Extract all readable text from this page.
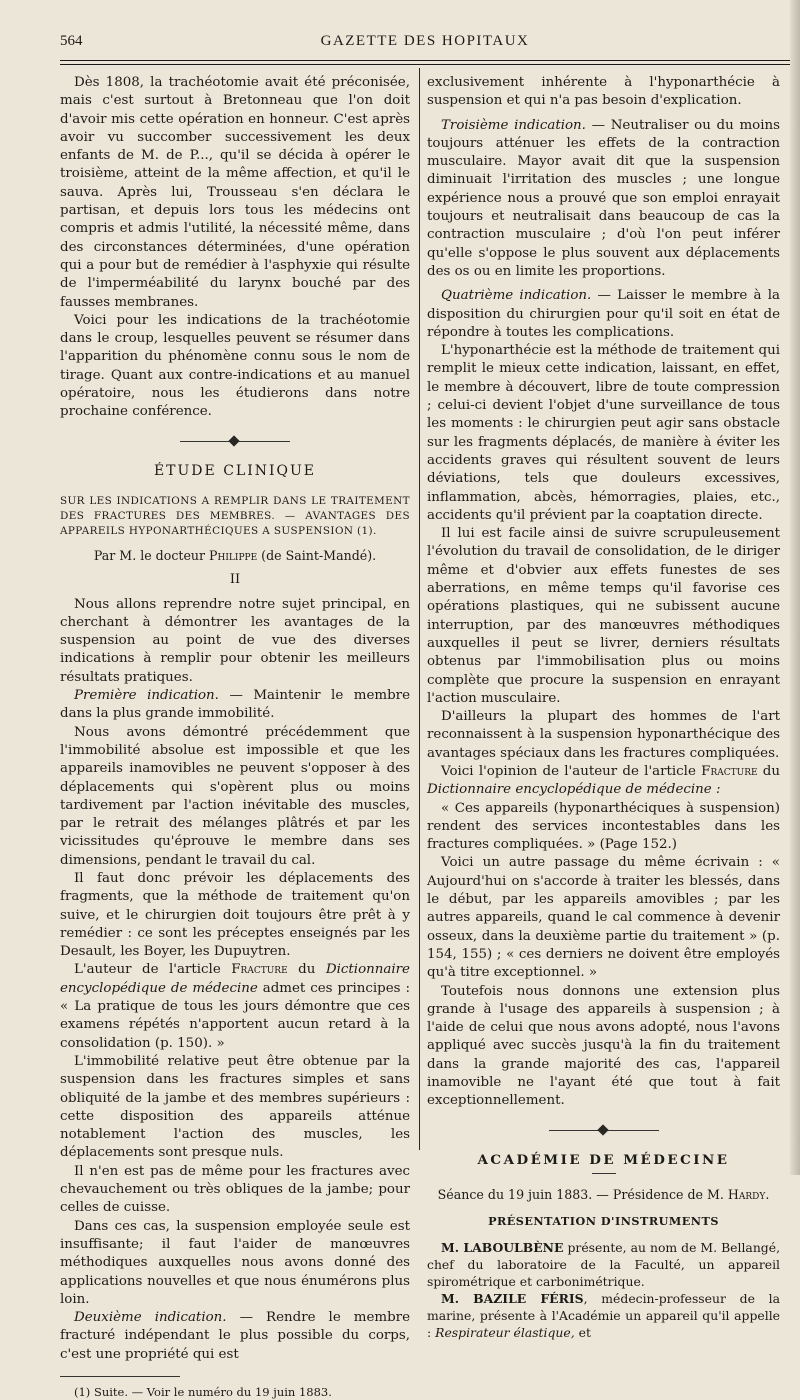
564	GAZETTE DES HOPITAUX

Dès 1808, la trachéotomie avait été préconisée, mais c'est surtout à Bretonneau que l'on doit d'avoir mis cette opération en honneur. C'est après avoir vu succomber successivement les deux enfants de M. de P..., qu'il se décida à opérer le troisième, atteint de la même affection, et qu'il le sauva. Après lui, Trousseau s'en déclara le partisan, et depuis lors tous les médecins ont compris et admis l'utilité, la nécessité même, dans des circonstances déterminées, d'une opération qui a pour but de remédier à l'asphyxie qui résulte de l'imperméabilité du larynx bouché par des fausses membranes.

Voici pour les indications de la trachéotomie dans le croup, lesquelles peuvent se résumer dans l'apparition du phénomène connu sous le nom de tirage. Quant aux contre-indications et au manuel opératoire, nous les étudierons dans notre prochaine conférence.

ÉTUDE CLINIQUE
SUR LES INDICATIONS A REMPLIR DANS LE TRAITEMENT DES FRACTURES DES MEMBRES. — AVANTAGES DES APPAREILS HYPONARTHÉCIQUES A SUSPENSION (1).
Par M. le docteur Philippe (de Saint-Mandé).
II

Nous allons reprendre notre sujet principal, en cherchant à démontrer les avantages de la suspension au point de vue des diverses indications à remplir pour obtenir les meilleurs résultats pratiques.

Première indication. — Maintenir le membre dans la plus grande immobilité.

Nous avons démontré précédemment que l'immobilité absolue est impossible et que les appareils inamovibles ne peuvent s'opposer à des déplacements qui s'opèrent plus ou moins tardivement par l'action inévitable des muscles, par le retrait des mélanges plâtrés et par les vicissitudes qu'éprouve le membre dans ses dimensions, pendant le travail du cal.

Il faut donc prévoir les déplacements des fragments, que la méthode de traitement qu'on suive, et le chirurgien doit toujours être prêt à y remédier : ce sont les préceptes enseignés par les Desault, les Boyer, les Dupuytren.

L'auteur de l'article Fracture du Dictionnaire encyclopédique de médecine admet ces principes : « La pratique de tous les jours démontre que ces examens répétés n'apportent aucun retard à la consolidation (p. 150). »

L'immobilité relative peut être obtenue par la suspension dans les fractures simples et sans obliquité de la jambe et des membres supérieurs : cette disposition des appareils atténue notablement l'action des muscles, les déplacements sont presque nuls.

Il n'en est pas de même pour les fractures avec chevauchement ou très obliques de la jambe; pour celles de cuisse.

Dans ces cas, la suspension employée seule est insuffisante; il faut l'aider de manœuvres méthodiques auxquelles nous avons donné des applications nouvelles et que nous énumérons plus loin.

Deuxième indication. — Rendre le membre fracturé indépendant le plus possible du corps, c'est une propriété qui est

(1) Suite. — Voir le numéro du 19 juin 1883.

exclusivement inhérente à l'hyponarthécie à suspension et qui n'a pas besoin d'explication.

Troisième indication. — Neutraliser ou du moins toujours atténuer les effets de la contraction musculaire. Mayor avait dit que la suspension diminuait l'irritation des muscles ; une longue expérience nous a prouvé que son emploi enrayait toujours et neutralisait dans beaucoup de cas la contraction musculaire ; d'où l'on peut inférer qu'elle s'oppose le plus souvent aux déplacements des os ou en limite les proportions.

Quatrième indication. — Laisser le membre à la disposition du chirurgien pour qu'il soit en état de répondre à toutes les complications.

L'hyponarthécie est la méthode de traitement qui remplit le mieux cette indication, laissant, en effet, le membre à découvert, libre de toute compression ; celui-ci devient l'objet d'une surveillance de tous les moments : le chirurgien peut agir sans obstacle sur les fragments déplacés, de manière à éviter les accidents graves qui résultent souvent de leurs déviations, tels que douleurs excessives, inflammation, abcès, hémorragies, plaies, etc., accidents qu'il prévient par la coaptation directe.

Il lui est facile ainsi de suivre scrupuleusement l'évolution du travail de consolidation, de le diriger même et d'obvier aux effets funestes de ses aberrations, en même temps qu'il favorise ces opérations plastiques, qui ne subissent aucune interruption, par des manœuvres méthodiques auxquelles il peut se livrer, derniers résultats obtenus par l'immobilisation plus ou moins complète que procure la suspension en enrayant l'action musculaire.

D'ailleurs la plupart des hommes de l'art reconnaissent à la suspension hyponarthécique des avantages spéciaux dans les fractures compliquées.

Voici l'opinion de l'auteur de l'article Fracture du Dictionnaire encyclopédique de médecine :

« Ces appareils (hyponarthéciques à suspension) rendent des services incontestables dans les fractures compliquées. » (Page 152.)

Voici un autre passage du même écrivain : « Aujourd'hui on s'accorde à traiter les blessés, dans le début, par les appareils amovibles ; par les autres appareils, quand le cal commence à devenir osseux, dans la deuxième partie du traitement » (p. 154, 155) ; « ces derniers ne doivent être employés qu'à titre exceptionnel. »

Toutefois nous donnons une extension plus grande à l'usage des appareils à suspension ; à l'aide de celui que nous avons adopté, nous l'avons appliqué avec succès jusqu'à la fin du traitement dans la grande majorité des cas, l'appareil inamovible ne l'ayant été que tout à fait exceptionnellement.

ACADÉMIE DE MÉDECINE
Séance du 19 juin 1883. — Présidence de M. Hardy.
PRÉSENTATION D'INSTRUMENTS

M. LABOULBÈNE présente, au nom de M. Bellangé, chef du laboratoire de la Faculté, un appareil spirométrique et carbonimétrique.

M. BAZILE FÉRIS, médecin-professeur de la marine, présente à l'Académie un appareil qu'il appelle : Respirateur élastique, et
